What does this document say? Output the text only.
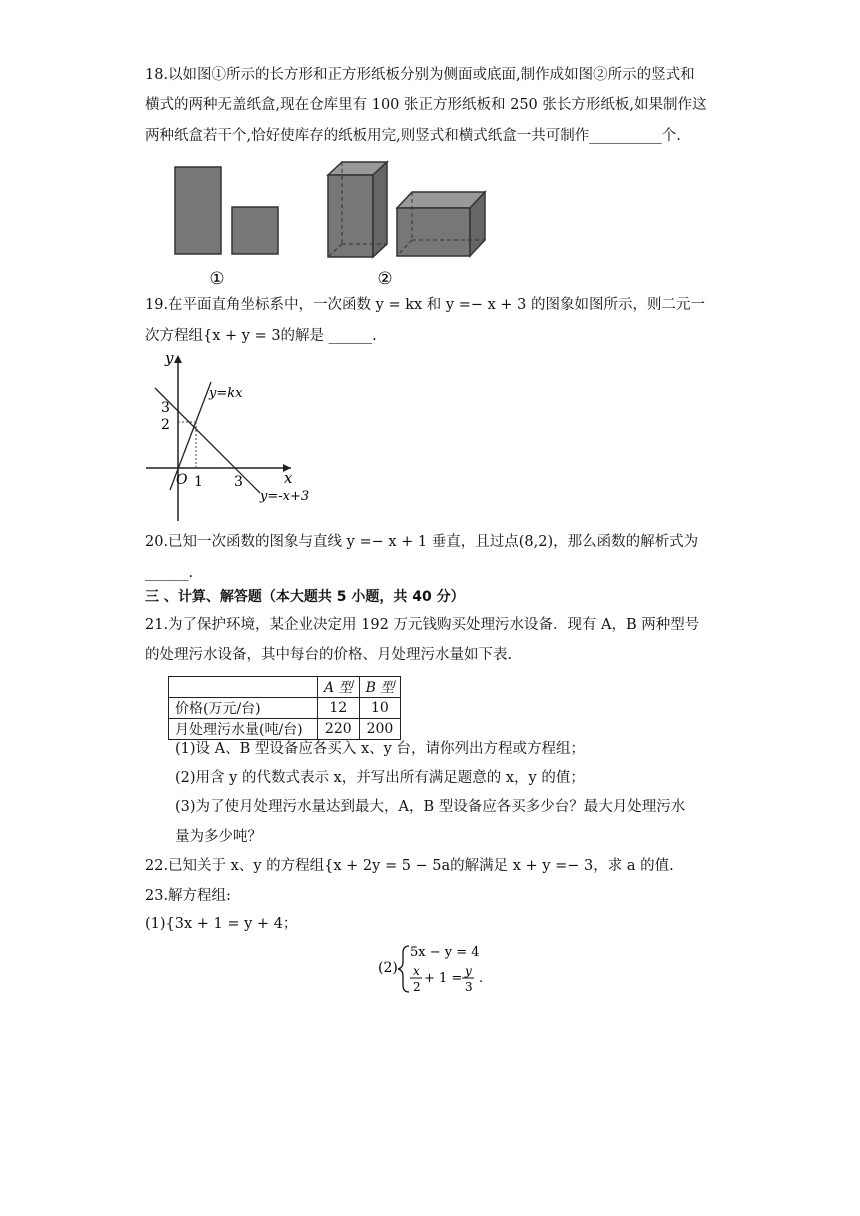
18.以如图①所示的长方形和正方形纸板分别为侧面或底面,制作成如图②所示的竖式和
横式的两种无盖纸盒,现在仓库里有 100 张正方形纸板和 250 张长方形纸板,如果制作这
两种纸盒若干个,恰好使库存的纸板用完,则竖式和横式纸盒一共可制作__________个.
①	②
19.在平面直角坐标系中，一次函数 y = kx 和 y =− x + 3 的图象如图所示，则二元一
次方程组{x + y = 3的解是 ______.
y
x
O
3
2
1 3
y=kx
y=-x+3
20.已知一次函数的图象与直线 y =− x + 1 垂直，且过点(8,2)，那么函数的解析式为
______.
三 、计算、解答题（本大题共 5 小题，共 40 分）
21.为了保护环境，某企业决定用 192 万元钱购买处理污水设备．现有 A，B 两种型号
的处理污水设备，其中每台的价格、月处理污水量如下表.
	A 型	B 型
价格(万元/台)	12	10
月处理污水量(吨/台)	220	200
(1)设 A、B 型设备应各买入 x、y 台，请你列出方程或方程组；
(2)用含 y 的代数式表示 x，并写出所有满足题意的 x，y 的值；
(3)为了使月处理污水量达到最大，A，B 型设备应各买多少台？最大月处理污水
量为多少吨？
22.已知关于 x、y 的方程组{x + 2y = 5 − 5a的解满足 x + y =− 3，求 a 的值.
23.解方程组:
(1){3x + 1 = y + 4；
(2)
5x − y = 4
x
2
+ 1 = y
3
.
